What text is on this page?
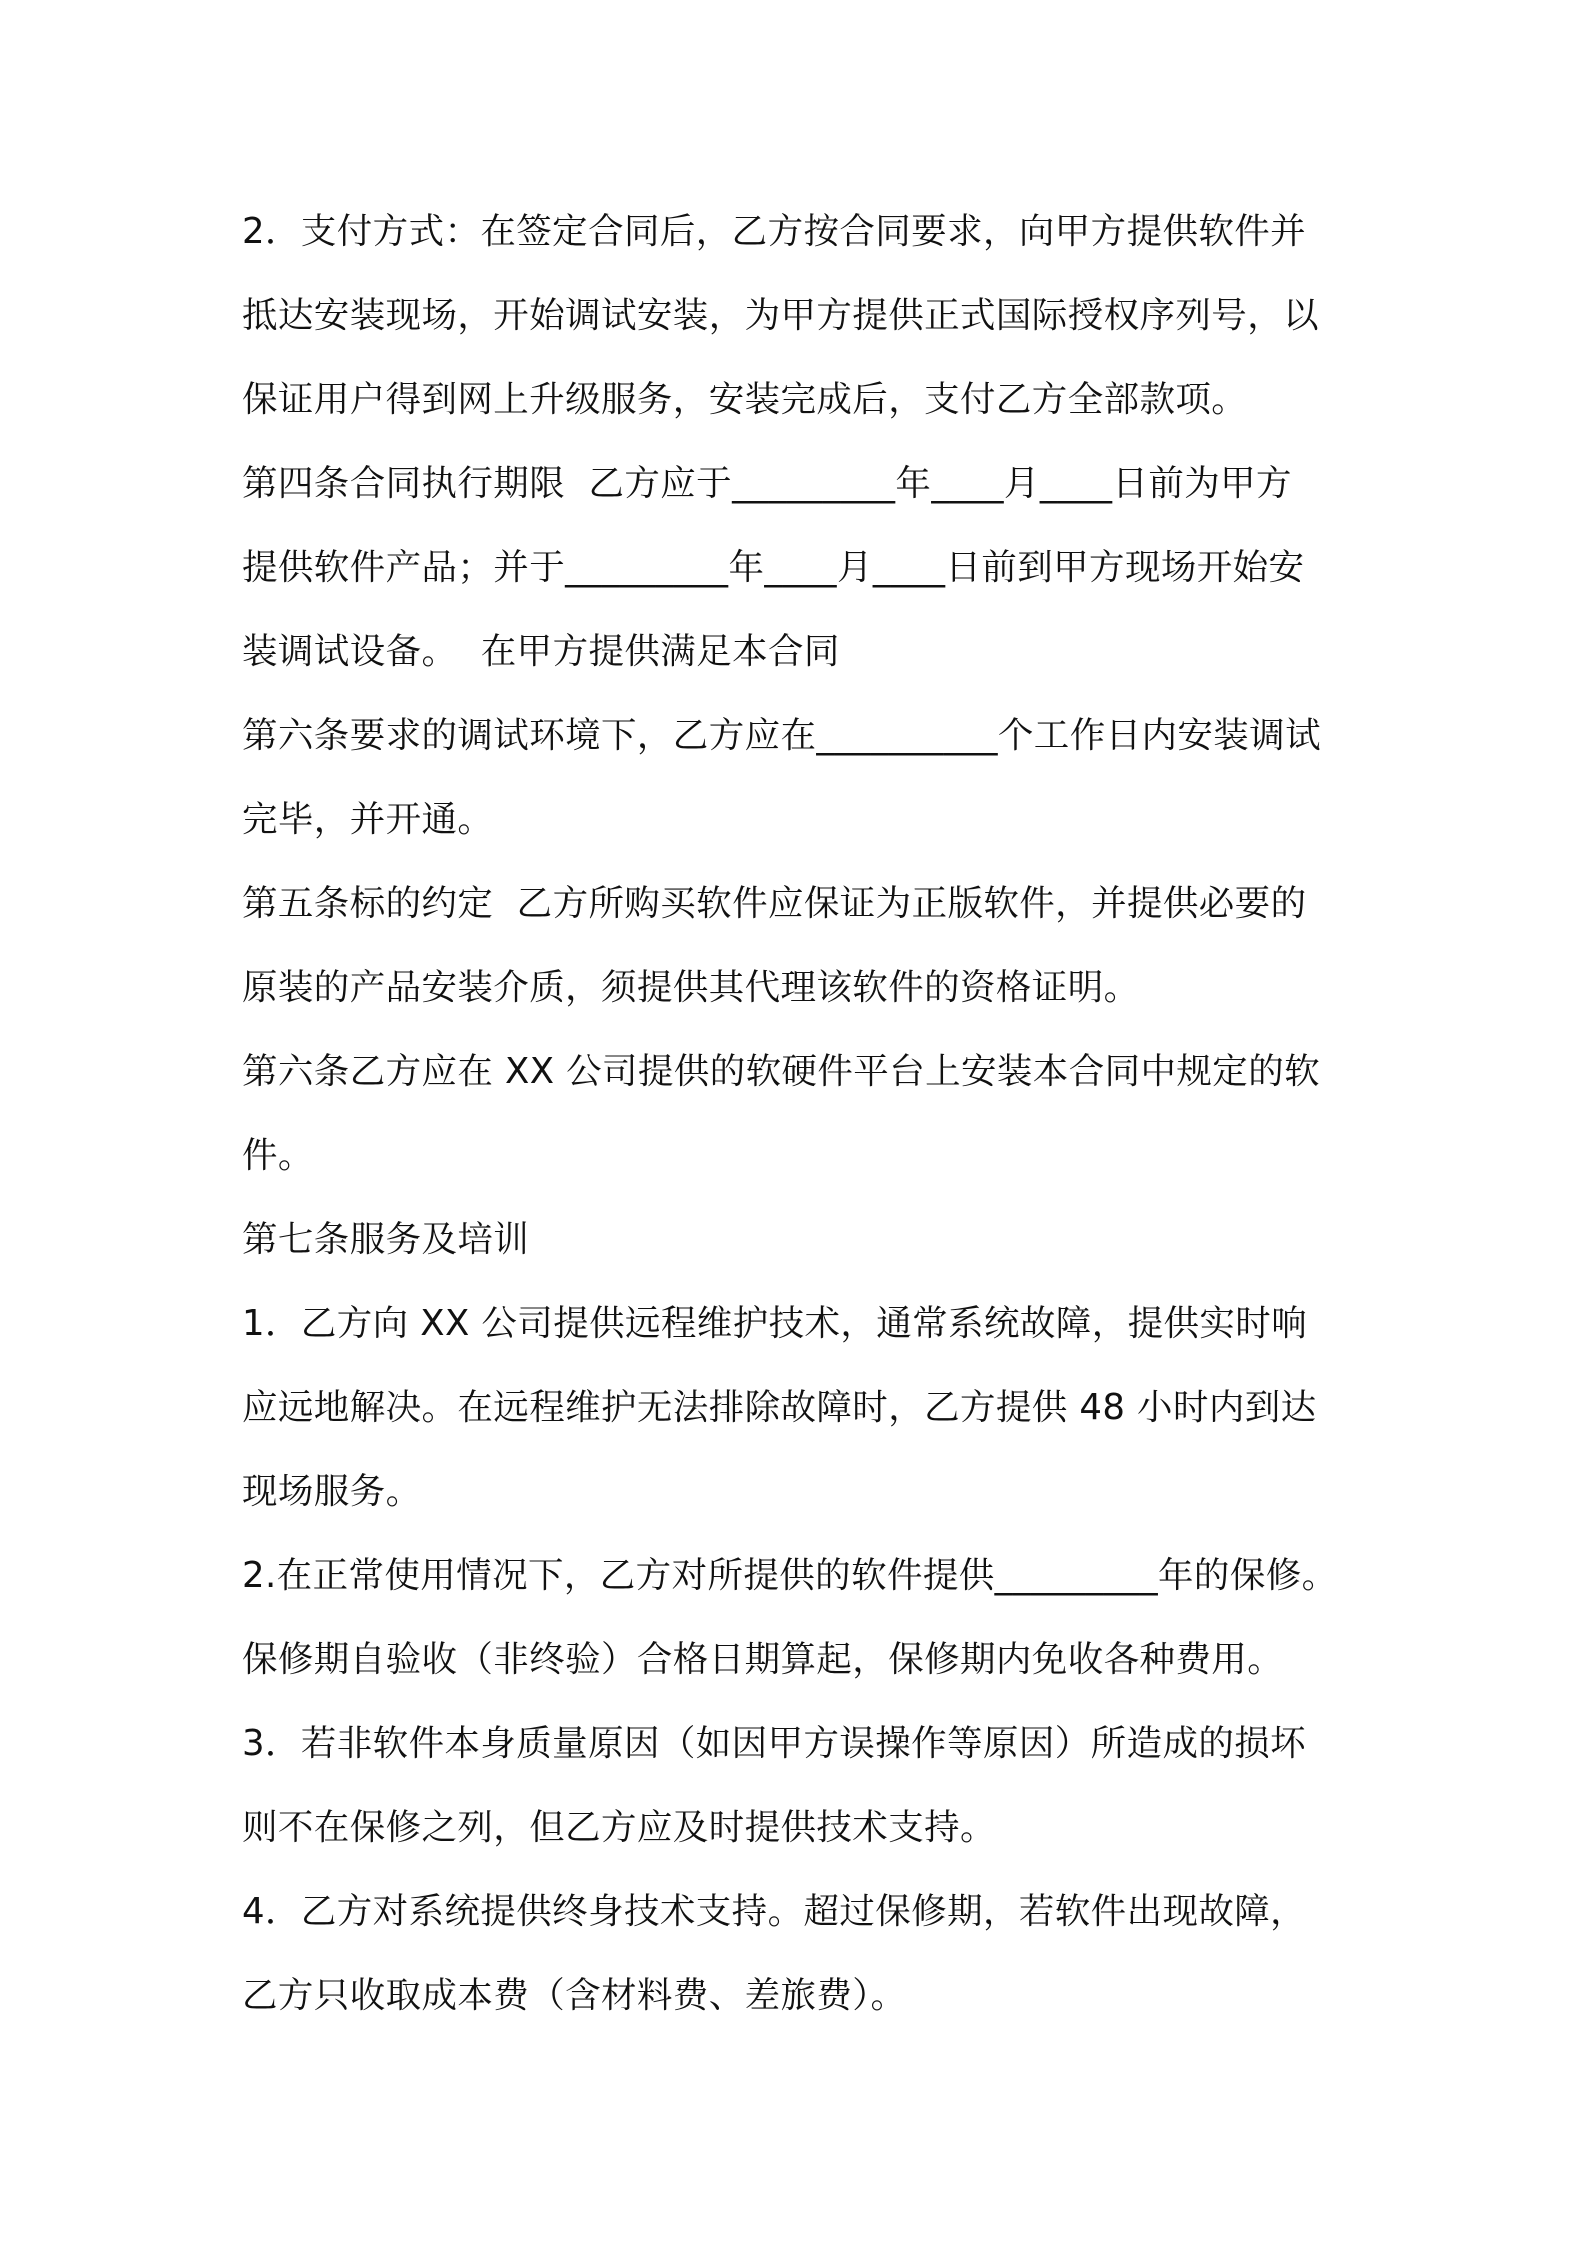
2．支付方式：在签定合同后，乙方按合同要求，向甲方提供软件并

抵达安装现场，开始调试安装，为甲方提供正式国际授权序列号，以

保证用户得到网上升级服务，安装完成后，支付乙方全部款项。

第四条合同执行期限  乙方应于_________年____月____日前为甲方

提供软件产品；并于_________年____月____日前到甲方现场开始安

装调试设备。  在甲方提供满足本合同

第六条要求的调试环境下，乙方应在__________个工作日内安装调试

完毕，并开通。

第五条标的约定  乙方所购买软件应保证为正版软件，并提供必要的

原装的产品安装介质，须提供其代理该软件的资格证明。

第六条乙方应在 XX 公司提供的软硬件平台上安装本合同中规定的软

件。

第七条服务及培训

1．乙方向 XX 公司提供远程维护技术，通常系统故障，提供实时响

应远地解决。在远程维护无法排除故障时，乙方提供 48 小时内到达

现场服务。

2.在正常使用情况下，乙方对所提供的软件提供_________年的保修。

保修期自验收（非终验）合格日期算起，保修期内免收各种费用。

3．若非软件本身质量原因（如因甲方误操作等原因）所造成的损坏

则不在保修之列，但乙方应及时提供技术支持。

4．乙方对系统提供终身技术支持。超过保修期，若软件出现故障，

乙方只收取成本费（含材料费、差旅费）。
